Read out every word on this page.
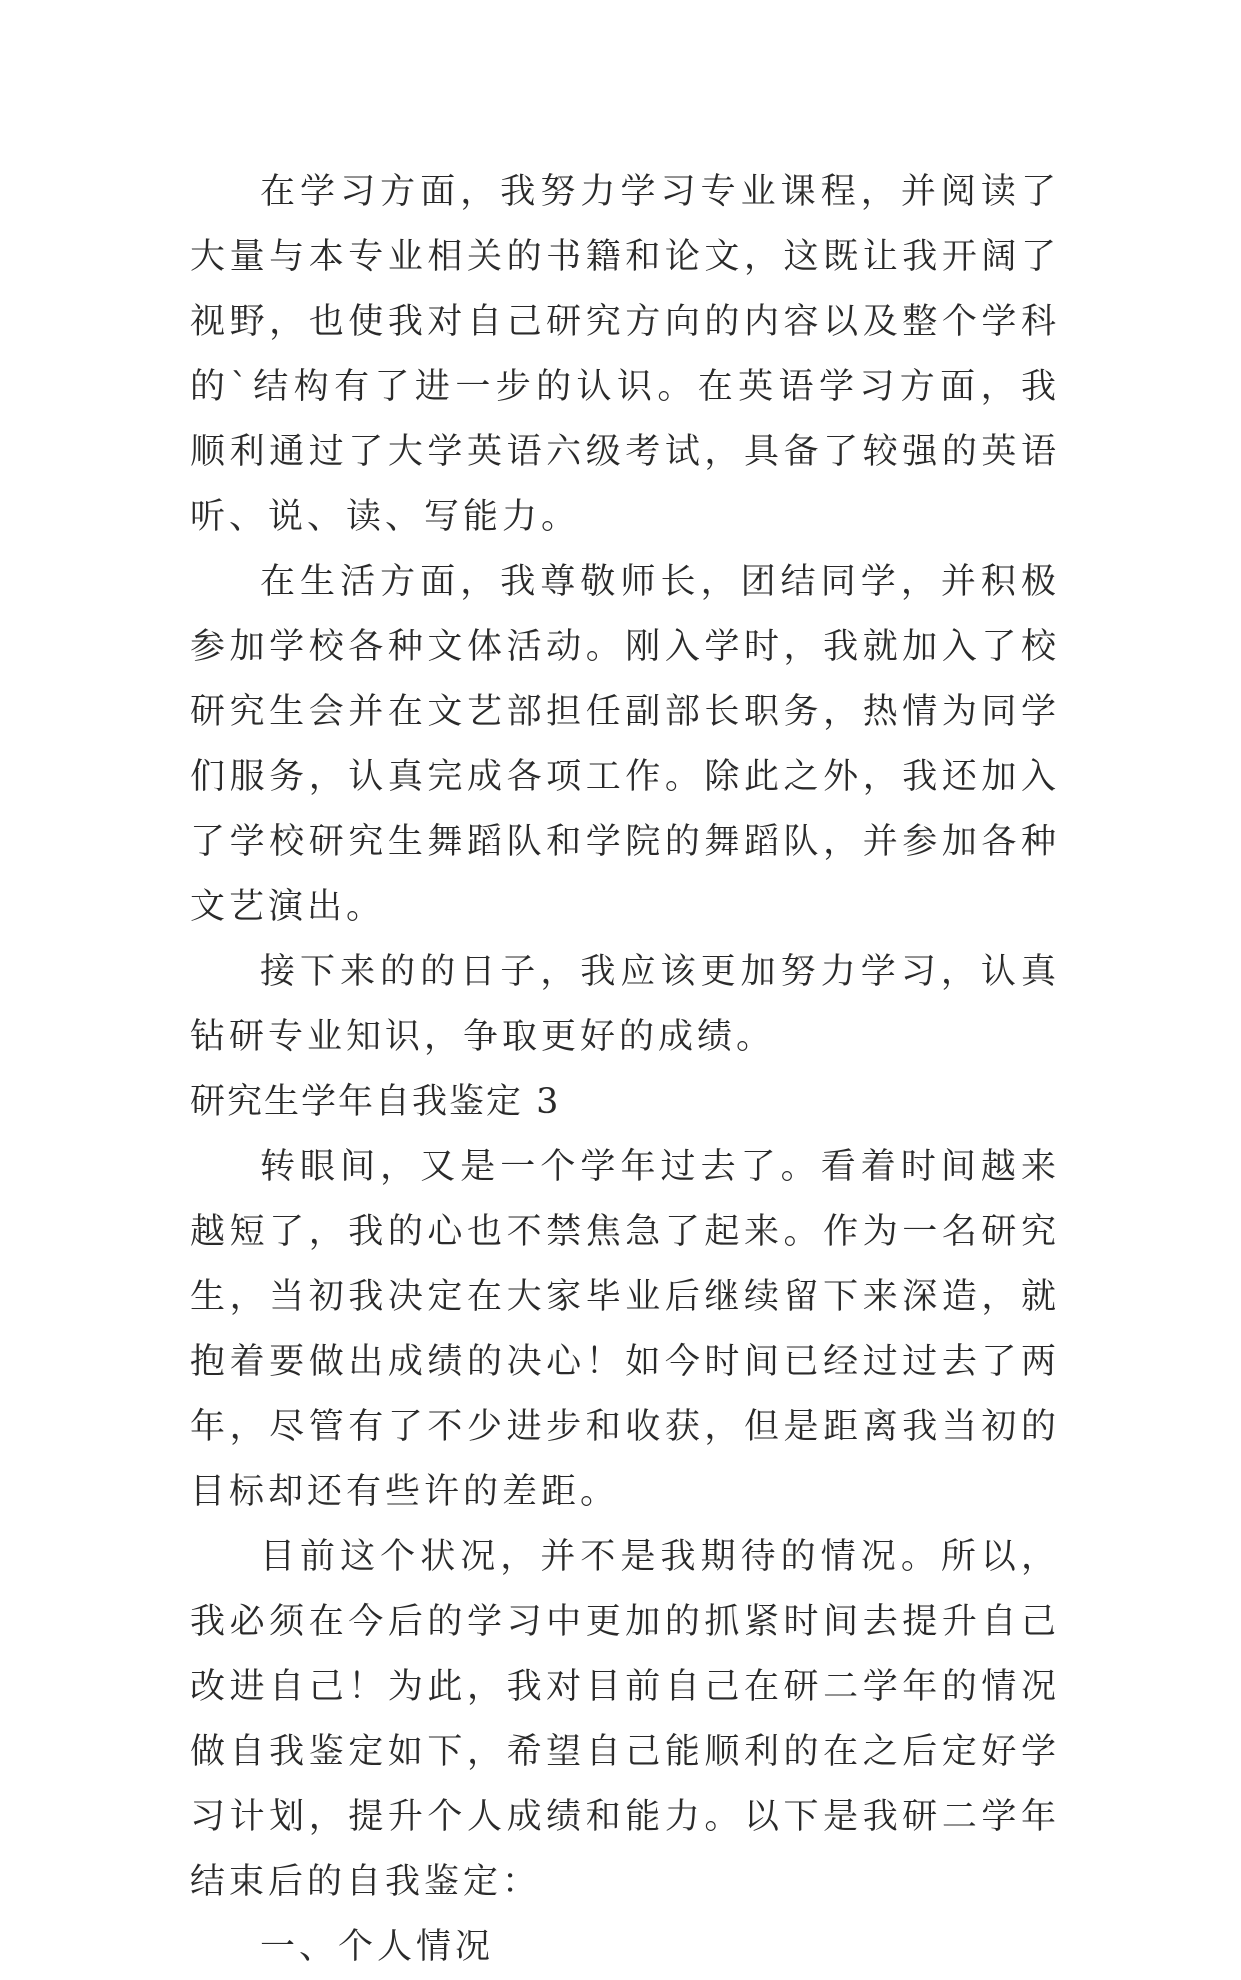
在学习方面，我努力学习专业课程，并阅读了大量与本专业相关的书籍和论文，这既让我开阔了视野，也使我对自己研究方向的内容以及整个学科的`结构有了进一步的认识。在英语学习方面，我顺利通过了大学英语六级考试，具备了较强的英语听、说、读、写能力。

在生活方面，我尊敬师长，团结同学，并积极参加学校各种文体活动。刚入学时，我就加入了校研究生会并在文艺部担任副部长职务，热情为同学们服务，认真完成各项工作。除此之外，我还加入了学校研究生舞蹈队和学院的舞蹈队，并参加各种文艺演出。

接下来的的日子，我应该更加努力学习，认真钻研专业知识，争取更好的成绩。

研究生学年自我鉴定 3

转眼间，又是一个学年过去了。看着时间越来越短了，我的心也不禁焦急了起来。作为一名研究生，当初我决定在大家毕业后继续留下来深造，就抱着要做出成绩的决心！如今时间已经过过去了两年，尽管有了不少进步和收获，但是距离我当初的目标却还有些许的差距。

目前这个状况，并不是我期待的情况。所以，我必须在今后的学习中更加的抓紧时间去提升自己改进自己！为此，我对目前自己在研二学年的情况做自我鉴定如下，希望自己能顺利的在之后定好学习计划，提升个人成绩和能力。以下是我研二学年结束后的自我鉴定：

一、个人情况
